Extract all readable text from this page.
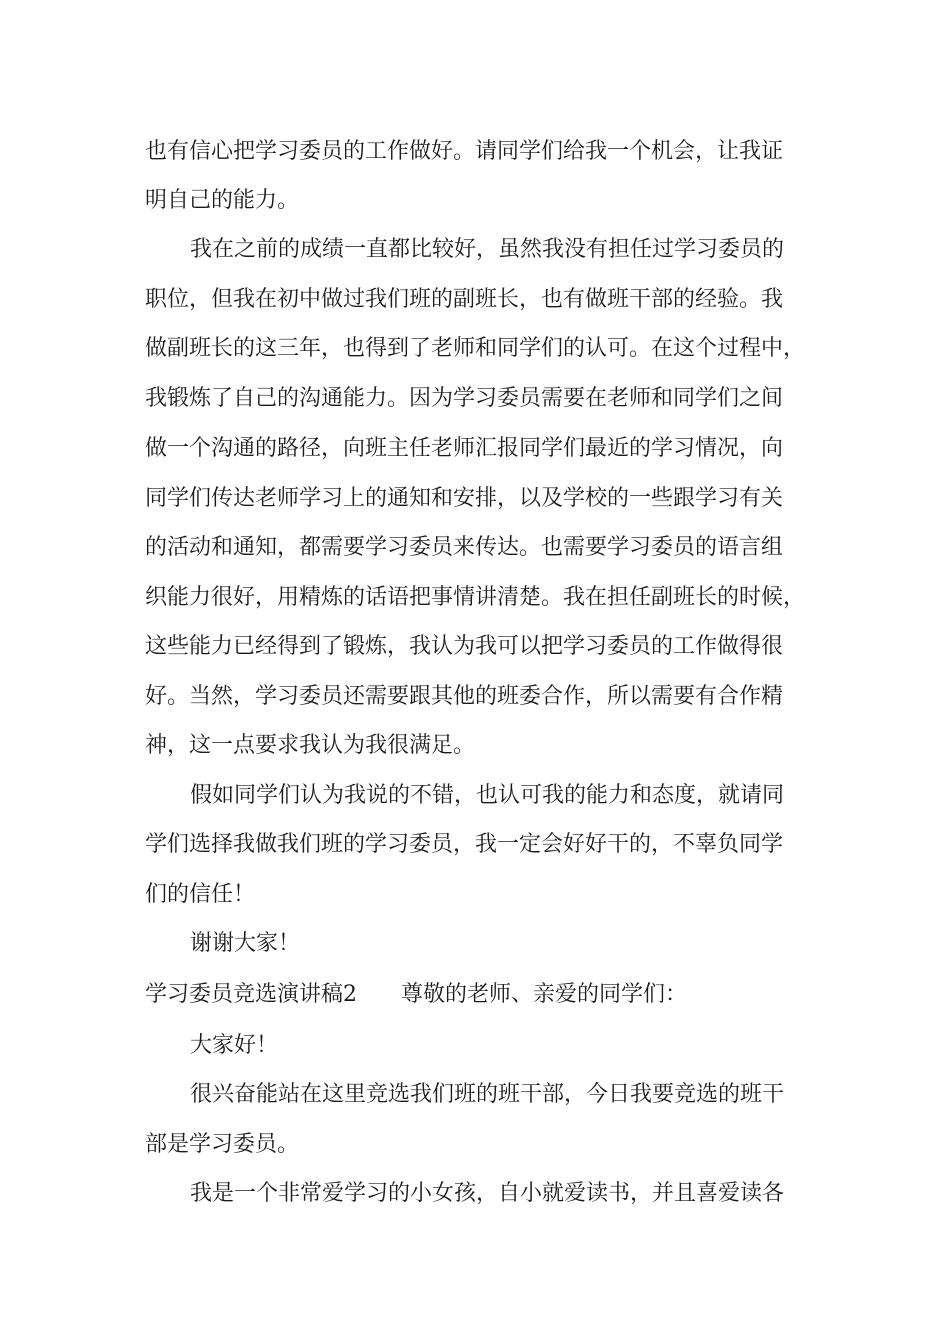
也有信心把学习委员的工作做好。请同学们给我一个机会，让我证
明自己的能力。
我在之前的成绩一直都比较好，虽然我没有担任过学习委员的
职位，但我在初中做过我们班的副班长，也有做班干部的经验。我
做副班长的这三年，也得到了老师和同学们的认可。在这个过程中，
我锻炼了自己的沟通能力。因为学习委员需要在老师和同学们之间
做一个沟通的路径，向班主任老师汇报同学们最近的学习情况，向
同学们传达老师学习上的通知和安排，以及学校的一些跟学习有关
的活动和通知，都需要学习委员来传达。也需要学习委员的语言组
织能力很好，用精炼的话语把事情讲清楚。我在担任副班长的时候，
这些能力已经得到了锻炼，我认为我可以把学习委员的工作做得很
好。当然，学习委员还需要跟其他的班委合作，所以需要有合作精
神，这一点要求我认为我很满足。
假如同学们认为我说的不错，也认可我的能力和态度，就请同
学们选择我做我们班的学习委员，我一定会好好干的，不辜负同学
们的信任！
谢谢大家！
学习委员竞选演讲稿2　　尊敬的老师、亲爱的同学们：
大家好！
很兴奋能站在这里竞选我们班的班干部，今日我要竞选的班干
部是学习委员。
我是一个非常爱学习的小女孩，自小就爱读书，并且喜爱读各
